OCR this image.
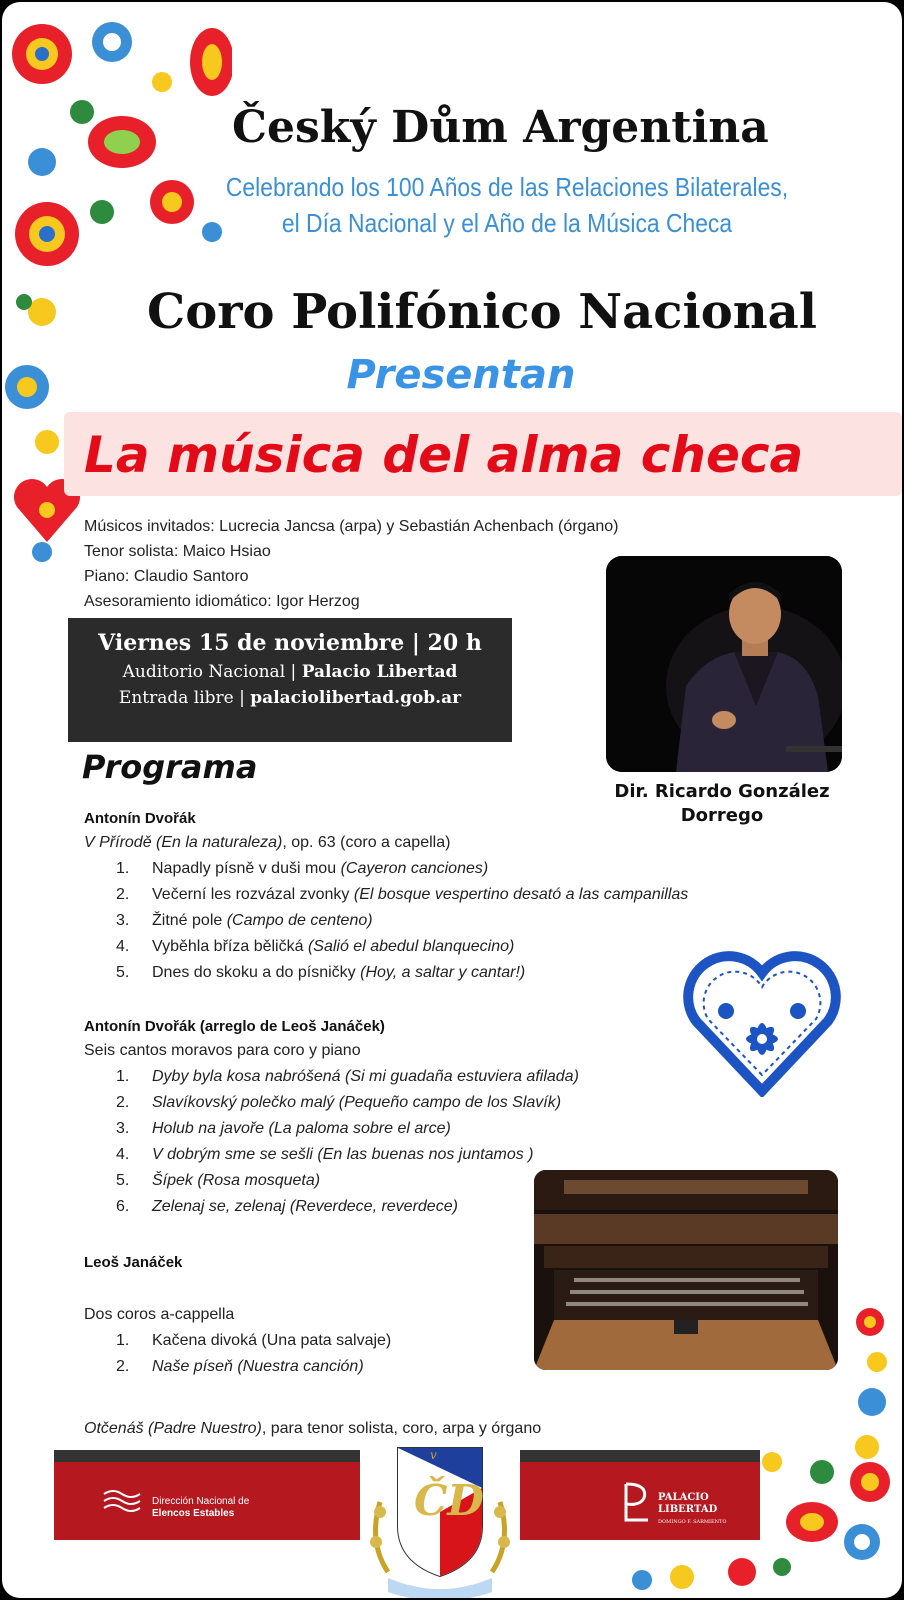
Český Dům Argentina
Celebrando los 100 Años de las Relaciones Bilaterales,
el Día Nacional y el Año de la Música Checa
Coro Polifónico Nacional
Presentan
La música del alma checa
Músicos invitados: Lucrecia Jancsa (arpa) y Sebastián Achenbach (órgano)
Tenor solista: Maico Hsiao
Piano: Claudio Santoro
Asesoramiento idiomático: Igor Herzog
Viernes 15 de noviembre | 20 h
Auditorio Nacional | Palacio Libertad
Entrada libre | palaciolibertad.gob.ar
Dir. Ricardo González
Dorrego
Programa
Antonín Dvořák
V Přírodě (En la naturaleza), op. 63 (coro a capella)
1. Napadly písně v duši mou (Cayeron canciones)
2. Večerní les rozvázal zvonky (El bosque vespertino desató a las campanillas
3. Žitné pole (Campo de centeno)
4. Vyběhla bříza běličká (Salió el abedul blanquecino)
5. Dnes do skoku a do písničky (Hoy, a saltar y cantar!)
Antonín Dvořák (arreglo de Leoš Janáček)
Seis cantos moravos para coro y piano
1. Dyby byla kosa nabróšená (Si mi guadaña estuviera afilada)
2. Slavíkovský polečko malý (Pequeño campo de los Slavík)
3. Holub na javoře (La paloma sobre el arce)
4. V dobrým sme se sešli (En las buenas nos juntamos )
5. Šípek (Rosa mosqueta)
6. Zelenaj se, zelenaj (Reverdece, reverdece)
Leoš Janáček
Dos coros a-cappella
1. Kačena divoká (Una pata salvaje)
2. Naše píseň (Nuestra canción)
Otčenáš (Padre Nuestro), para tenor solista, coro, arpa y órgano
Dirección Nacional de
Elencos Estables
PALACIO
LIBERTAD
DOMINGO F. SARMIENTO
v
ČD
